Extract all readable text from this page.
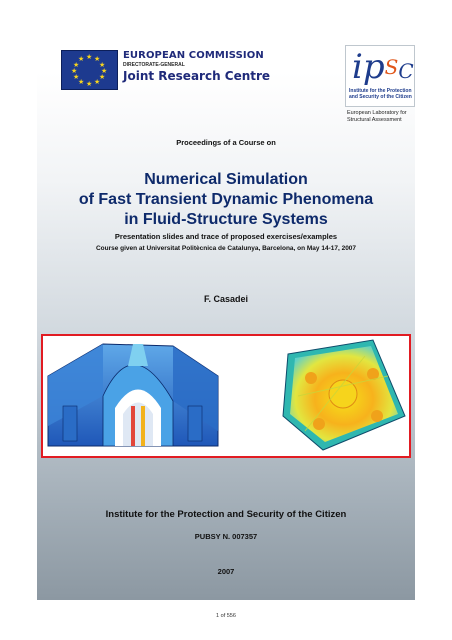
★ ★
★
★
★
★
★
★
★
★
★
★	EUROPEAN COMMISSION
DIRECTORATE-GENERAL
Joint Research Centre $ip^SC$
Institute for the Protection and Security of the Citizen
European Laboratory for Structural Assessment
Proceedings of a Course on
Numerical Simulation
of Fast Transient Dynamic Phenomena
in Fluid-Structure Systems
Presentation slides and trace of proposed exercises/examples
Course given at Universitat Politècnica de Catalunya, Barcelona, on May 14-17, 2007
F. Casadei
Institute for the Protection and Security of the Citizen
PUBSY N. 007357
2007
1 of 556
